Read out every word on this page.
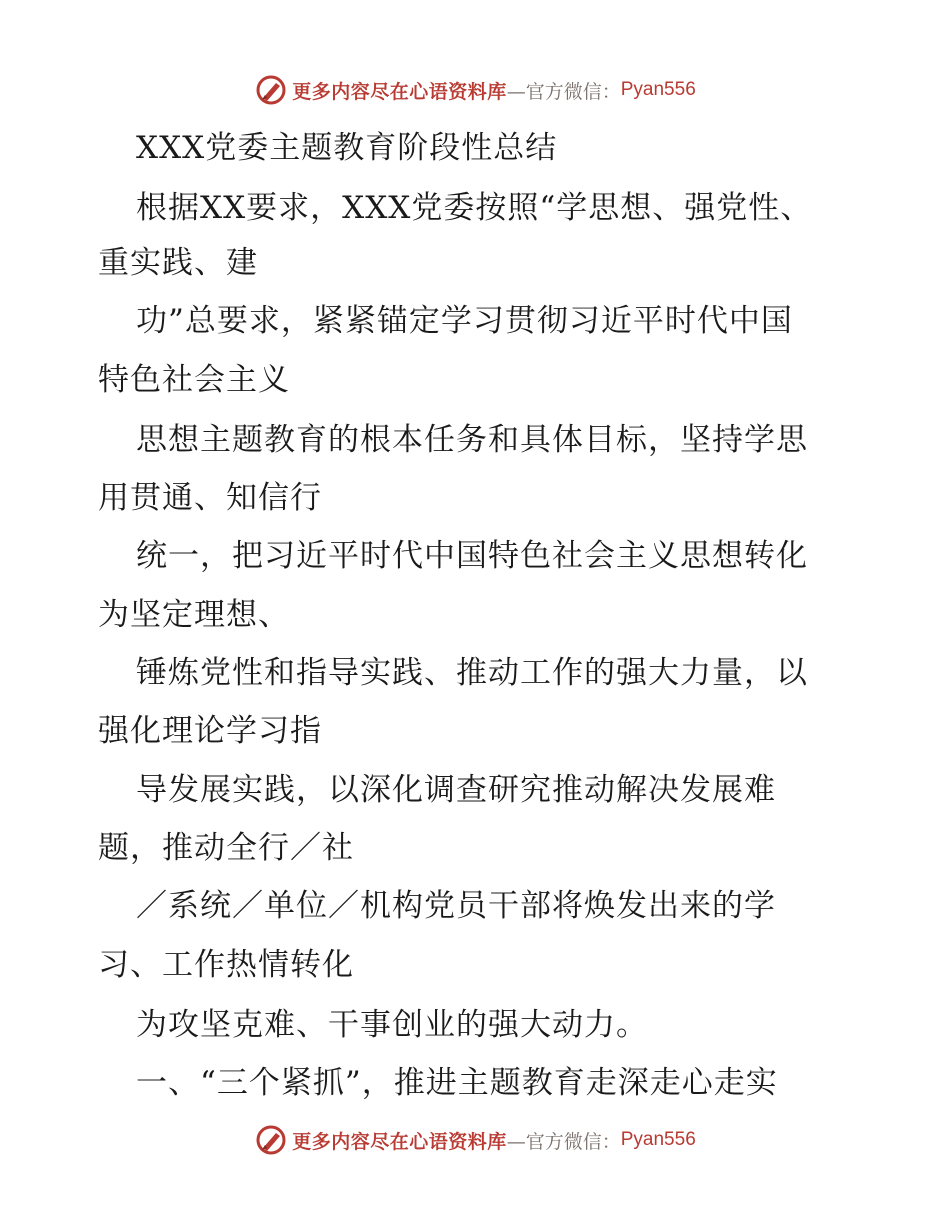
更多内容尽在心语资料库 —官方微信： Pyan556
XXX党委主题教育阶段性总结
根据XX要求，XXX党委按照“学思想、强党性、
重实践、建
功”总要求，紧紧锚定学习贯彻习近平时代中国
特色社会主义
思想主题教育的根本任务和具体目标，坚持学思
用贯通、知信行
统一，把习近平时代中国特色社会主义思想转化
为坚定理想、
锤炼党性和指导实践、推动工作的强大力量，以
强化理论学习指
导发展实践，以深化调查研究推动解决发展难
题，推动全行／社
／系统／单位／机构党员干部将焕发出来的学
习、工作热情转化
为攻坚克难、干事创业的强大动力。
一、“三个紧抓”，推进主题教育走深走心走实
更多内容尽在心语资料库 —官方微信： Pyan556
